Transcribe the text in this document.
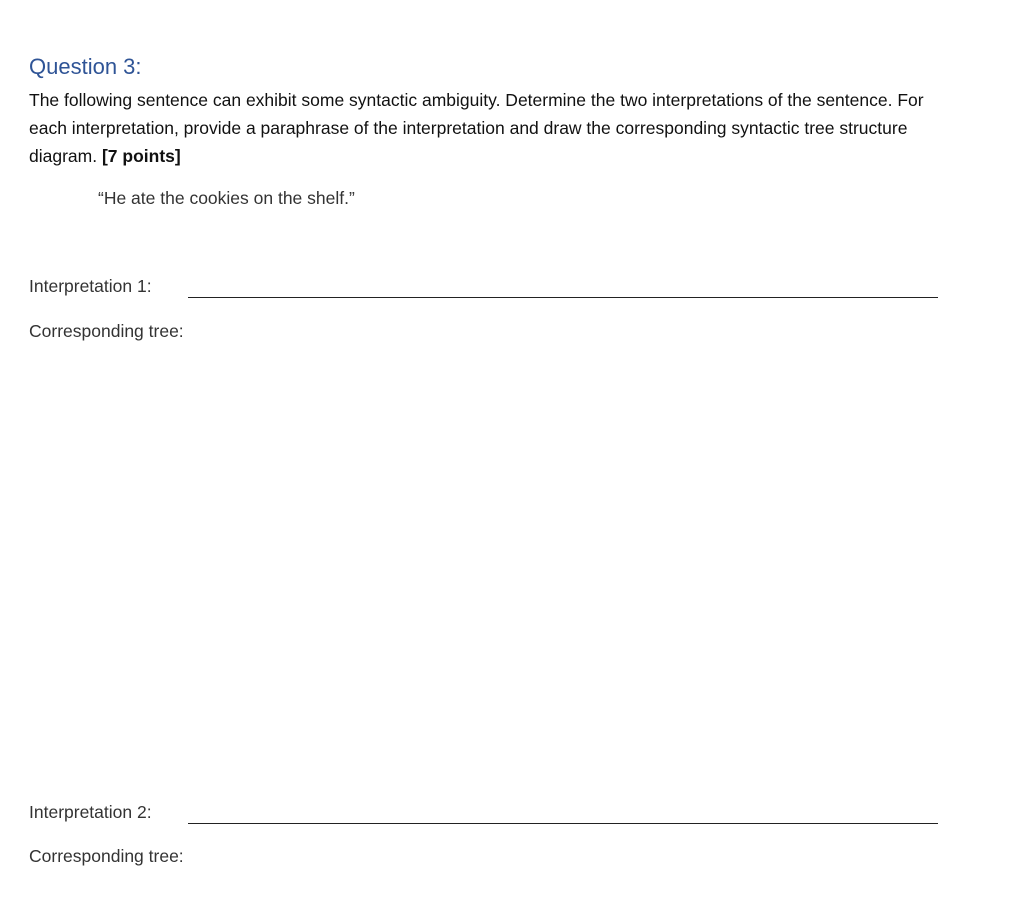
Question 3:
The following sentence can exhibit some syntactic ambiguity. Determine the two interpretations of the sentence. For each interpretation, provide a paraphrase of the interpretation and draw the corresponding syntactic tree structure diagram. [7 points]
“He ate the cookies on the shelf.”
Interpretation 1:
Corresponding tree:
Interpretation 2:
Corresponding tree:
